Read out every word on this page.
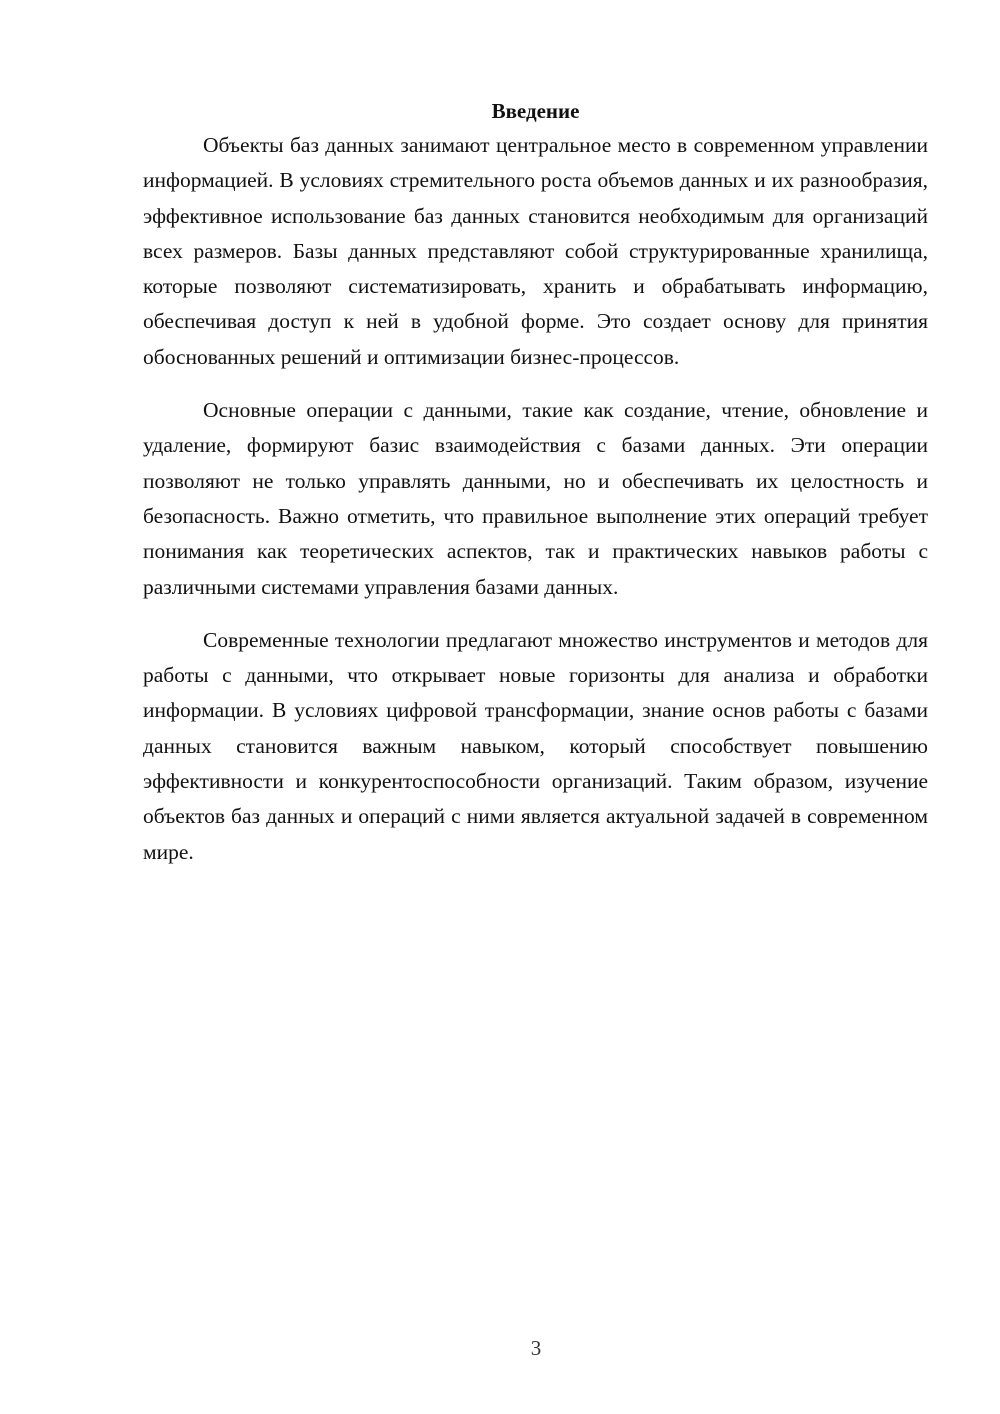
Введение

Объекты баз данных занимают центральное место в современном управлении информацией. В условиях стремительного роста объемов данных и их разнообразия, эффективное использование баз данных становится необходимым для организаций всех размеров. Базы данных представляют собой структурированные хранилища, которые позволяют систематизировать, хранить и обрабатывать информацию, обеспечивая доступ к ней в удобной форме. Это создает основу для принятия обоснованных решений и оптимизации бизнес-процессов.

Основные операции с данными, такие как создание, чтение, обновление и удаление, формируют базис взаимодействия с базами данных. Эти операции позволяют не только управлять данными, но и обеспечивать их целостность и безопасность. Важно отметить, что правильное выполнение этих операций требует понимания как теоретических аспектов, так и практических навыков работы с различными системами управления базами данных.

Современные технологии предлагают множество инструментов и методов для работы с данными, что открывает новые горизонты для анализа и обработки информации. В условиях цифровой трансформации, знание основ работы с базами данных становится важным навыком, который способствует повышению эффективности и конкурентоспособности организаций. Таким образом, изучение объектов баз данных и операций с ними является актуальной задачей в современном мире.

3
